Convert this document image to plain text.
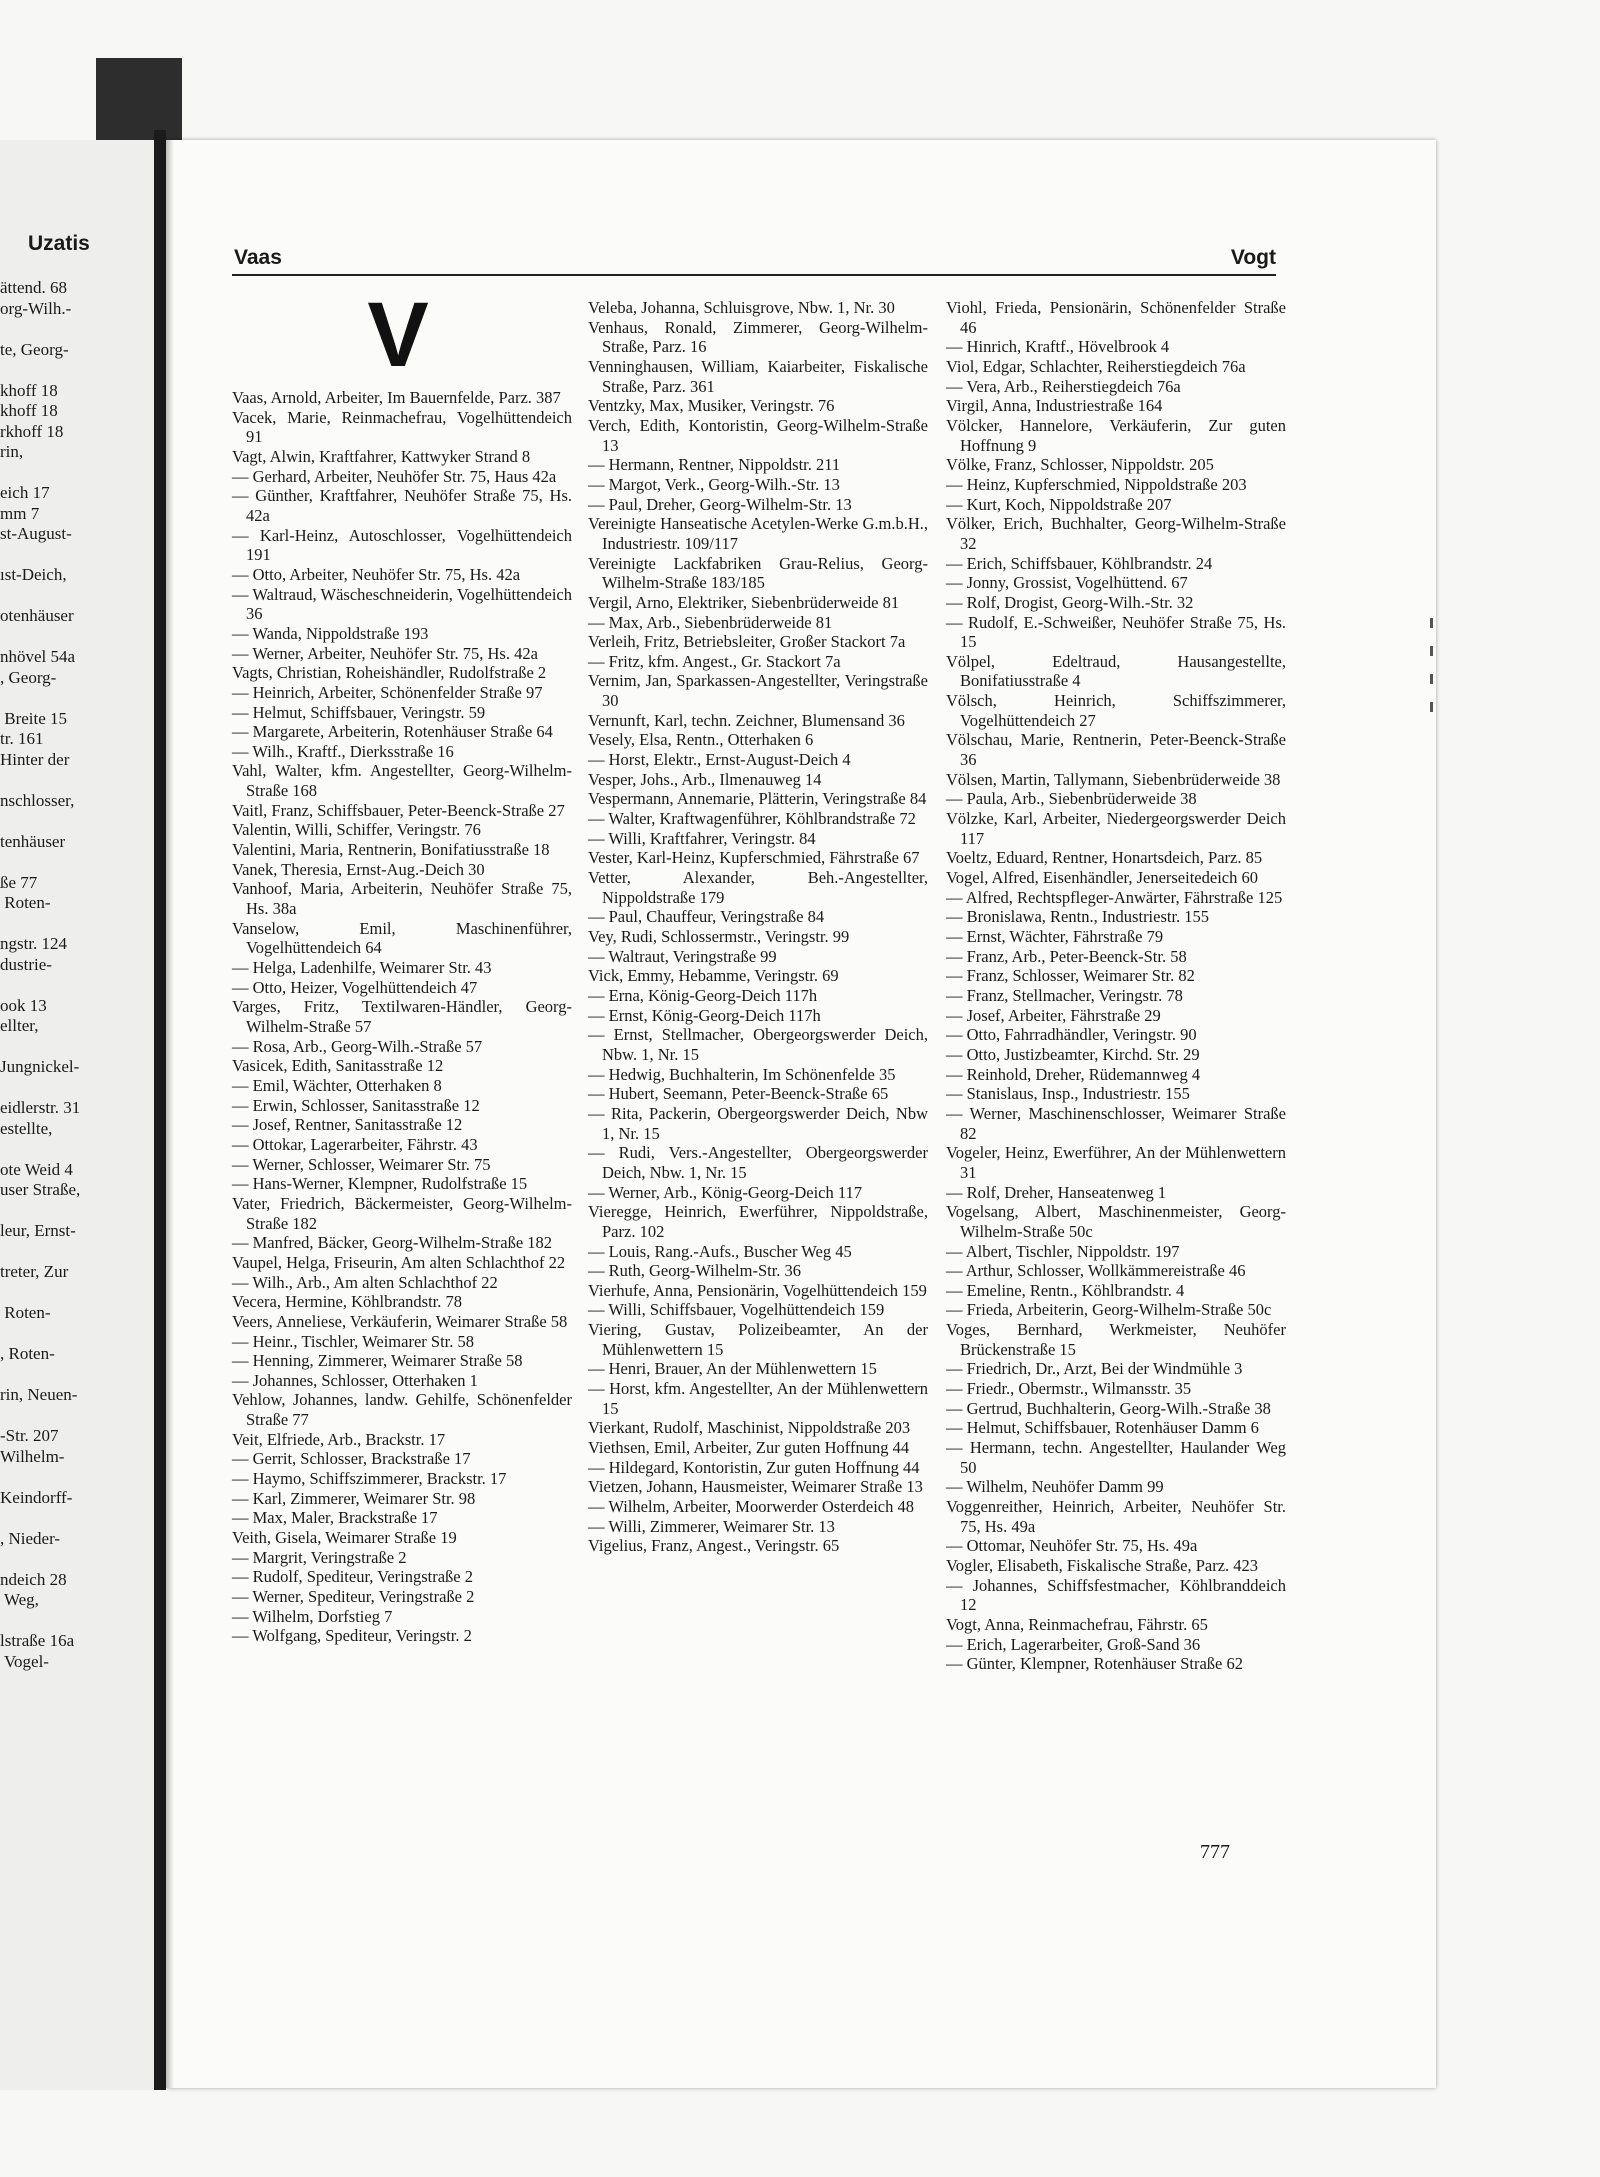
Uzatis
ättend. 68
org-Wilh.-
te, Georg-
khoff 18
khoff 18
rkhoff 18
rin,
eich 17
mm 7
st-August-
ıst-Deich,
otenhäuser
nhövel 54a
, Georg-
Breite 15
tr. 161
Hinter der
nschlosser,
tenhäuser
ße 77
Roten-
ngstr. 124
dustrie-
ook 13
ellter,
Jungnickel-
eidlerstr. 31
estellte,
ote Weid 4
user Straße,
leur, Ernst-
treter, Zur
Roten-
, Roten-
rin, Neuen-
-Str. 207
Wilhelm-
Keindorff-
, Nieder-
ndeich 28
Weg,
lstraße 16a
Vogel-
Vaas	Vogt
V
Vaas, Arnold, Arbeiter, Im Bauernfelde, Parz. 387
Vacek, Marie, Reinmachefrau, Vogelhüttendeich 91
Vagt, Alwin, Kraftfahrer, Kattwyker Strand 8
— Gerhard, Arbeiter, Neuhöfer Str. 75, Haus 42a
— Günther, Kraftfahrer, Neuhöfer Straße 75, Hs. 42a
— Karl-Heinz, Autoschlosser, Vogelhüttendeich 191
— Otto, Arbeiter, Neuhöfer Str. 75, Hs. 42a
— Waltraud, Wäscheschneiderin, Vogelhüttendeich 36
— Wanda, Nippoldstraße 193
— Werner, Arbeiter, Neuhöfer Str. 75, Hs. 42a
Vagts, Christian, Roheishändler, Rudolfstraße 2
— Heinrich, Arbeiter, Schönenfelder Straße 97
— Helmut, Schiffsbauer, Veringstr. 59
— Margarete, Arbeiterin, Rotenhäuser Straße 64
— Wilh., Kraftf., Dierksstraße 16
Vahl, Walter, kfm. Angestellter, Georg-Wilhelm-Straße 168
Vaitl, Franz, Schiffsbauer, Peter-Beenck-Straße 27
Valentin, Willi, Schiffer, Veringstr. 76
Valentini, Maria, Rentnerin, Bonifatiusstraße 18
Vanek, Theresia, Ernst-Aug.-Deich 30
Vanhoof, Maria, Arbeiterin, Neuhöfer Straße 75, Hs. 38a
Vanselow, Emil, Maschinenführer, Vogelhüttendeich 64
— Helga, Ladenhilfe, Weimarer Str. 43
— Otto, Heizer, Vogelhüttendeich 47
Varges, Fritz, Textilwaren-Händler, Georg-Wilhelm-Straße 57
— Rosa, Arb., Georg-Wilh.-Straße 57
Vasicek, Edith, Sanitasstraße 12
— Emil, Wächter, Otterhaken 8
— Erwin, Schlosser, Sanitasstraße 12
— Josef, Rentner, Sanitasstraße 12
— Ottokar, Lagerarbeiter, Fährstr. 43
— Werner, Schlosser, Weimarer Str. 75
— Hans-Werner, Klempner, Rudolfstraße 15
Vater, Friedrich, Bäckermeister, Georg-Wilhelm-Straße 182
— Manfred, Bäcker, Georg-Wilhelm-Straße 182
Vaupel, Helga, Friseurin, Am alten Schlachthof 22
— Wilh., Arb., Am alten Schlachthof 22
Vecera, Hermine, Köhlbrandstr. 78
Veers, Anneliese, Verkäuferin, Weimarer Straße 58
— Heinr., Tischler, Weimarer Str. 58
— Henning, Zimmerer, Weimarer Straße 58
— Johannes, Schlosser, Otterhaken 1
Vehlow, Johannes, landw. Gehilfe, Schönenfelder Straße 77
Veit, Elfriede, Arb., Brackstr. 17
— Gerrit, Schlosser, Brackstraße 17
— Haymo, Schiffszimmerer, Brackstr. 17
— Karl, Zimmerer, Weimarer Str. 98
— Max, Maler, Brackstraße 17
Veith, Gisela, Weimarer Straße 19
— Margrit, Veringstraße 2
— Rudolf, Spediteur, Veringstraße 2
— Werner, Spediteur, Veringstraße 2
— Wilhelm, Dorfstieg 7
— Wolfgang, Spediteur, Veringstr. 2
Veleba, Johanna, Schluisgrove, Nbw. 1, Nr. 30
Venhaus, Ronald, Zimmerer, Georg-Wilhelm-Straße, Parz. 16
Venninghausen, William, Kaiarbeiter, Fiskalische Straße, Parz. 361
Ventzky, Max, Musiker, Veringstr. 76
Verch, Edith, Kontoristin, Georg-Wilhelm-Straße 13
— Hermann, Rentner, Nippoldstr. 211
— Margot, Verk., Georg-Wilh.-Str. 13
— Paul, Dreher, Georg-Wilhelm-Str. 13
Vereinigte Hanseatische Acetylen-Werke G.m.b.H., Industriestr. 109/117
Vereinigte Lackfabriken Grau-Relius, Georg-Wilhelm-Straße 183/185
Vergil, Arno, Elektriker, Siebenbrüderweide 81
— Max, Arb., Siebenbrüderweide 81
Verleih, Fritz, Betriebsleiter, Großer Stackort 7a
— Fritz, kfm. Angest., Gr. Stackort 7a
Vernim, Jan, Sparkassen-Angestellter, Veringstraße 30
Vernunft, Karl, techn. Zeichner, Blumensand 36
Vesely, Elsa, Rentn., Otterhaken 6
— Horst, Elektr., Ernst-August-Deich 4
Vesper, Johs., Arb., Ilmenauweg 14
Vespermann, Annemarie, Plätterin, Veringstraße 84
— Walter, Kraftwagenführer, Köhlbrandstraße 72
— Willi, Kraftfahrer, Veringstr. 84
Vester, Karl-Heinz, Kupferschmied, Fährstraße 67
Vetter, Alexander, Beh.-Angestellter, Nippoldstraße 179
— Paul, Chauffeur, Veringstraße 84
Vey, Rudi, Schlossermstr., Veringstr. 99
— Waltraut, Veringstraße 99
Vick, Emmy, Hebamme, Veringstr. 69
— Erna, König-Georg-Deich 117h
— Ernst, König-Georg-Deich 117h
— Ernst, Stellmacher, Obergeorgswerder Deich, Nbw. 1, Nr. 15
— Hedwig, Buchhalterin, Im Schönenfelde 35
— Hubert, Seemann, Peter-Beenck-Straße 65
— Rita, Packerin, Obergeorgswerder Deich, Nbw 1, Nr. 15
— Rudi, Vers.-Angestellter, Obergeorgswerder Deich, Nbw. 1, Nr. 15
— Werner, Arb., König-Georg-Deich 117
Vieregge, Heinrich, Ewerführer, Nippoldstraße, Parz. 102
— Louis, Rang.-Aufs., Buscher Weg 45
— Ruth, Georg-Wilhelm-Str. 36
Vierhufe, Anna, Pensionärin, Vogelhüttendeich 159
— Willi, Schiffsbauer, Vogelhüttendeich 159
Viering, Gustav, Polizeibeamter, An der Mühlenwettern 15
— Henri, Brauer, An der Mühlenwettern 15
— Horst, kfm. Angestellter, An der Mühlenwettern 15
Vierkant, Rudolf, Maschinist, Nippoldstraße 203
Viethsen, Emil, Arbeiter, Zur guten Hoffnung 44
— Hildegard, Kontoristin, Zur guten Hoffnung 44
Vietzen, Johann, Hausmeister, Weimarer Straße 13
— Wilhelm, Arbeiter, Moorwerder Osterdeich 48
— Willi, Zimmerer, Weimarer Str. 13
Vigelius, Franz, Angest., Veringstr. 65
Viohl, Frieda, Pensionärin, Schönenfelder Straße 46
— Hinrich, Kraftf., Hövelbrook 4
Viol, Edgar, Schlachter, Reiherstiegdeich 76a
— Vera, Arb., Reiherstiegdeich 76a
Virgil, Anna, Industriestraße 164
Völcker, Hannelore, Verkäuferin, Zur guten Hoffnung 9
Völke, Franz, Schlosser, Nippoldstr. 205
— Heinz, Kupferschmied, Nippoldstraße 203
— Kurt, Koch, Nippoldstraße 207
Völker, Erich, Buchhalter, Georg-Wilhelm-Straße 32
— Erich, Schiffsbauer, Köhlbrandstr. 24
— Jonny, Grossist, Vogelhüttend. 67
— Rolf, Drogist, Georg-Wilh.-Str. 32
— Rudolf, E.-Schweißer, Neuhöfer Straße 75, Hs. 15
Völpel, Edeltraud, Hausangestellte, Bonifatiusstraße 4
Völsch, Heinrich, Schiffszimmerer, Vogelhüttendeich 27
Völschau, Marie, Rentnerin, Peter-Beenck-Straße 36
Völsen, Martin, Tallymann, Siebenbrüderweide 38
— Paula, Arb., Siebenbrüderweide 38
Völzke, Karl, Arbeiter, Niedergeorgswerder Deich 117
Voeltz, Eduard, Rentner, Honartsdeich, Parz. 85
Vogel, Alfred, Eisenhändler, Jenerseitedeich 60
— Alfred, Rechtspfleger-Anwärter, Fährstraße 125
— Bronislawa, Rentn., Industriestr. 155
— Ernst, Wächter, Fährstraße 79
— Franz, Arb., Peter-Beenck-Str. 58
— Franz, Schlosser, Weimarer Str. 82
— Franz, Stellmacher, Veringstr. 78
— Josef, Arbeiter, Fährstraße 29
— Otto, Fahrradhändler, Veringstr. 90
— Otto, Justizbeamter, Kirchd. Str. 29
— Reinhold, Dreher, Rüdemannweg 4
— Stanislaus, Insp., Industriestr. 155
— Werner, Maschinenschlosser, Weimarer Straße 82
Vogeler, Heinz, Ewerführer, An der Mühlenwettern 31
— Rolf, Dreher, Hanseatenweg 1
Vogelsang, Albert, Maschinenmeister, Georg-Wilhelm-Straße 50c
— Albert, Tischler, Nippoldstr. 197
— Arthur, Schlosser, Wollkämmereistraße 46
— Emeline, Rentn., Köhlbrandstr. 4
— Frieda, Arbeiterin, Georg-Wilhelm-Straße 50c
Voges, Bernhard, Werkmeister, Neuhöfer Brückenstraße 15
— Friedrich, Dr., Arzt, Bei der Windmühle 3
— Friedr., Obermstr., Wilmansstr. 35
— Gertrud, Buchhalterin, Georg-Wilh.-Straße 38
— Helmut, Schiffsbauer, Rotenhäuser Damm 6
— Hermann, techn. Angestellter, Haulander Weg 50
— Wilhelm, Neuhöfer Damm 99
Voggenreither, Heinrich, Arbeiter, Neuhöfer Str. 75, Hs. 49a
— Ottomar, Neuhöfer Str. 75, Hs. 49a
Vogler, Elisabeth, Fiskalische Straße, Parz. 423
— Johannes, Schiffsfestmacher, Köhlbranddeich 12
Vogt, Anna, Reinmachefrau, Fährstr. 65
— Erich, Lagerarbeiter, Groß-Sand 36
— Günter, Klempner, Rotenhäuser Straße 62
777
